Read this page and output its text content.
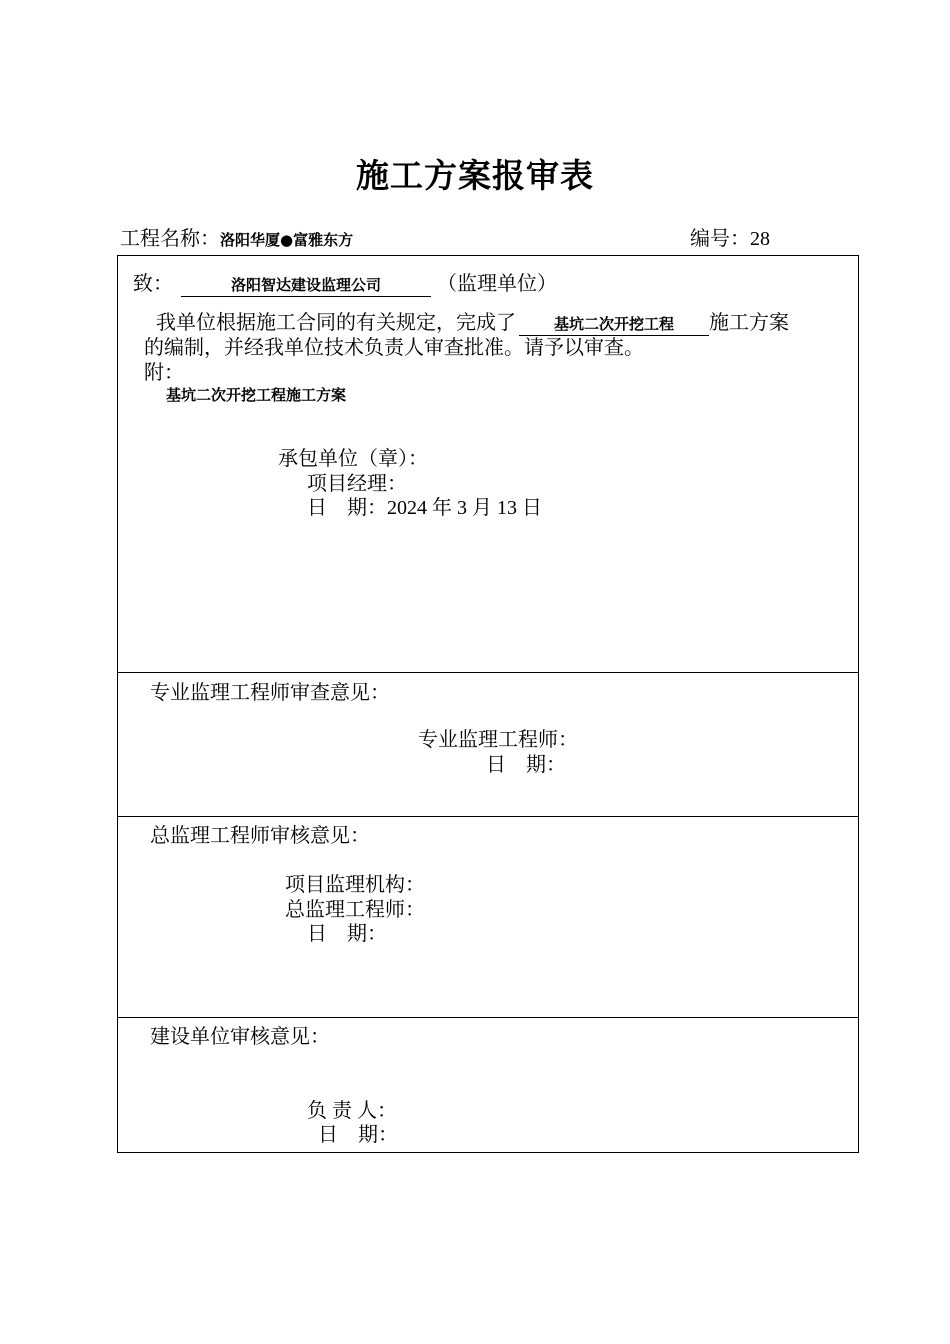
施工方案报审表
工程名称：洛阳华厦●富雅东方	编号：28
致：	洛阳智达建设监理公司	（监理单位）
我单位根据施工合同的有关规定，完成了	基坑二次开挖工程 施工方案
的编制，并经我单位技术负责人审查批准。请予以审查。
附：
基坑二次开挖工程施工方案
承包单位（章）：
项目经理：
日　期：2024 年 3 月 13 日
专业监理工程师审查意见：
专业监理工程师：
日　期：
总监理工程师审核意见：
项目监理机构：
总监理工程师：
日　期：
建设单位审核意见：
负 责 人：
日　期：
